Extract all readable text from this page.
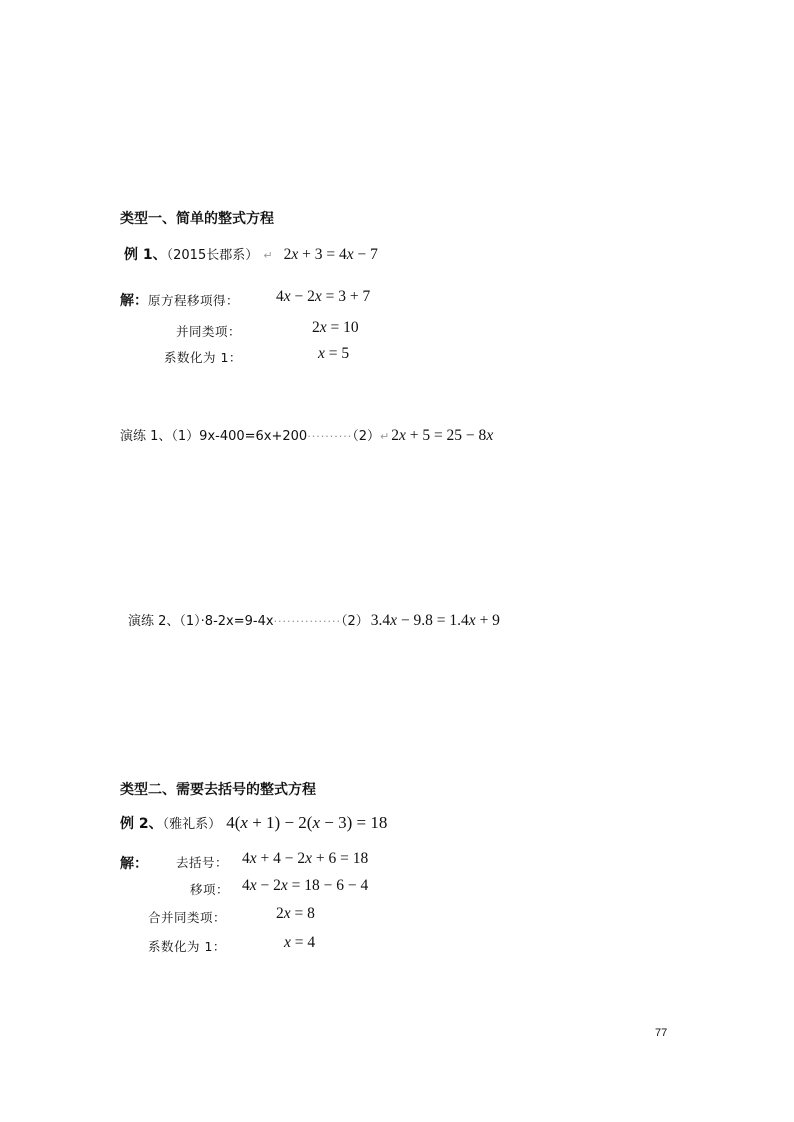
类型一、简单的整式方程
例 1、（2015长郡系） ↵ 2x + 3 = 4x − 7
解： 原方程移项得： 4x − 2x = 3 + 7
并同类项：	2x = 10
系数化为 1：	x = 5
演练 1、（1）9x-400=6x+200··········（2）↵ 2x + 5 = 25 − 8x
演练 2、（1）·8-2x=9-4x···············（2） 3.4x − 9.8 = 1.4x + 9
类型二、需要去括号的整式方程
例 2、（雅礼系） 4(x + 1) − 2(x − 3) = 18
解： 去括号： 4x + 4 − 2x + 6 = 18
移项： 4x − 2x = 18 − 6 − 4
合并同类项：	2x = 8
系数化为 1：	x = 4
77
